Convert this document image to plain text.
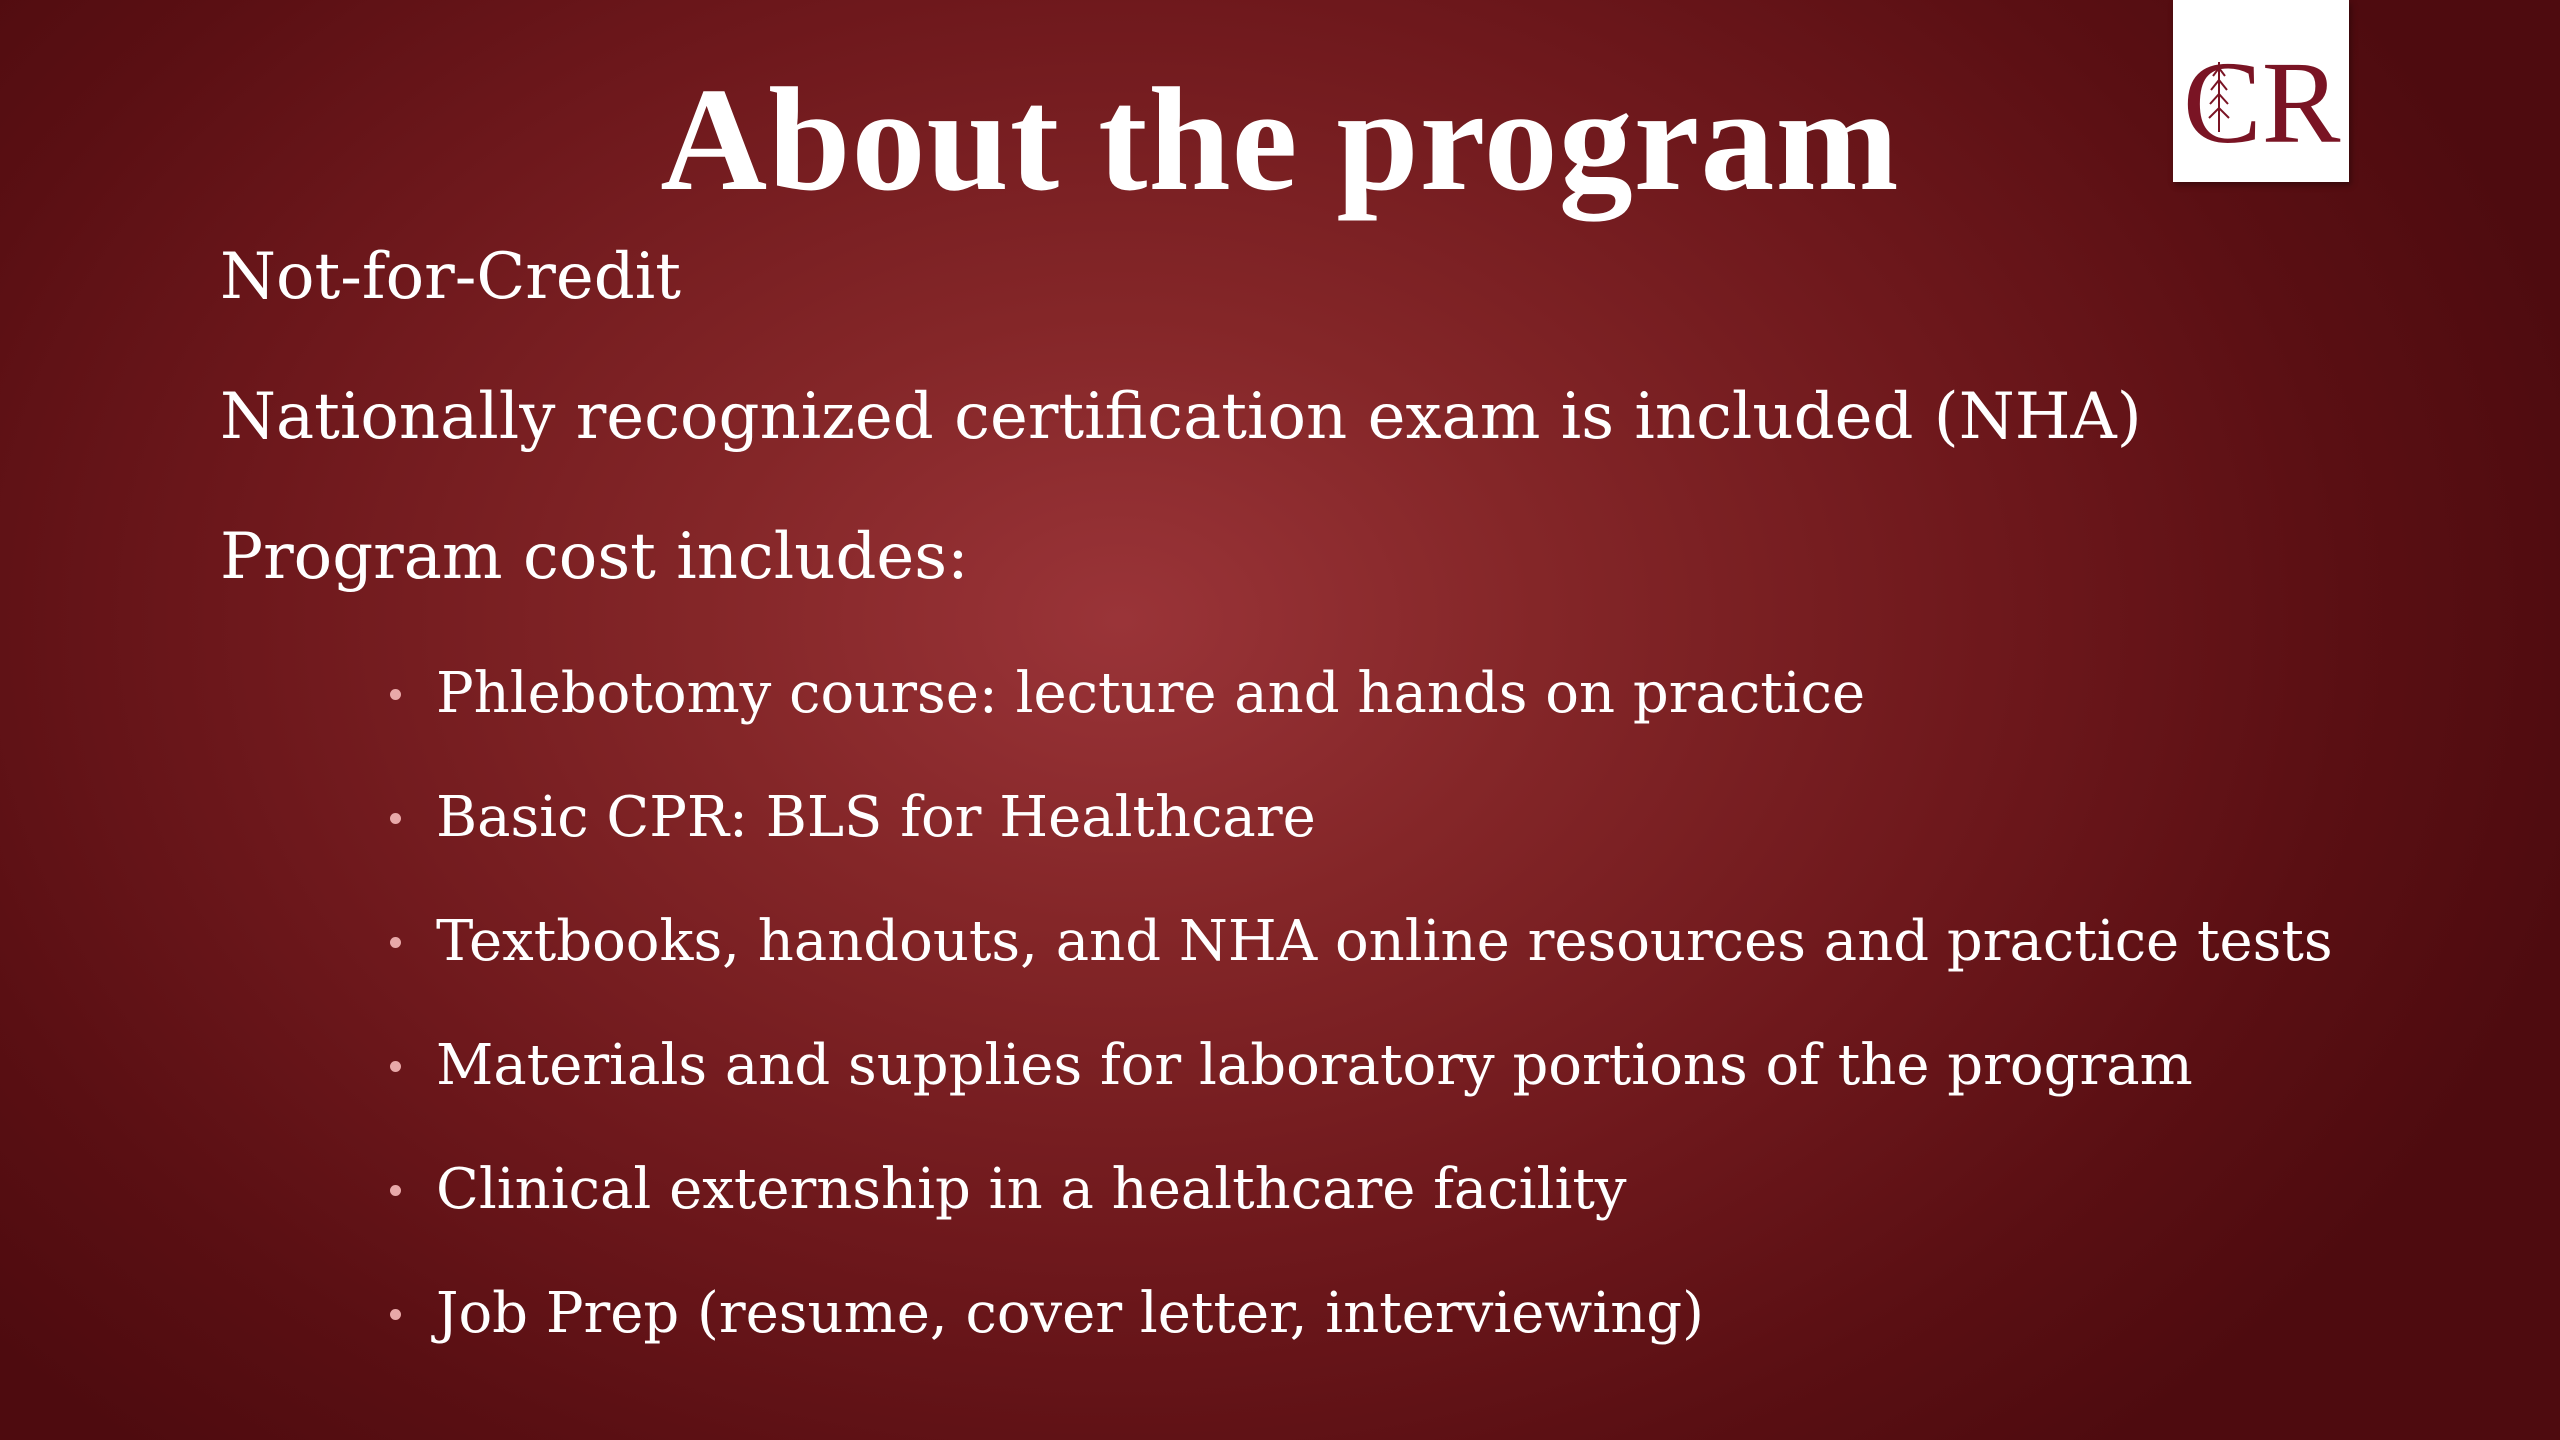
About the program	CR
Not-for-Credit
Nationally recognized certification exam is included (NHA)
Program cost includes:
Phlebotomy course: lecture and hands on practice
Basic CPR: BLS for Healthcare
Textbooks, handouts, and NHA online resources and practice tests
Materials and supplies for laboratory portions of the program
Clinical externship in a healthcare facility
Job Prep (resume, cover letter, interviewing)
